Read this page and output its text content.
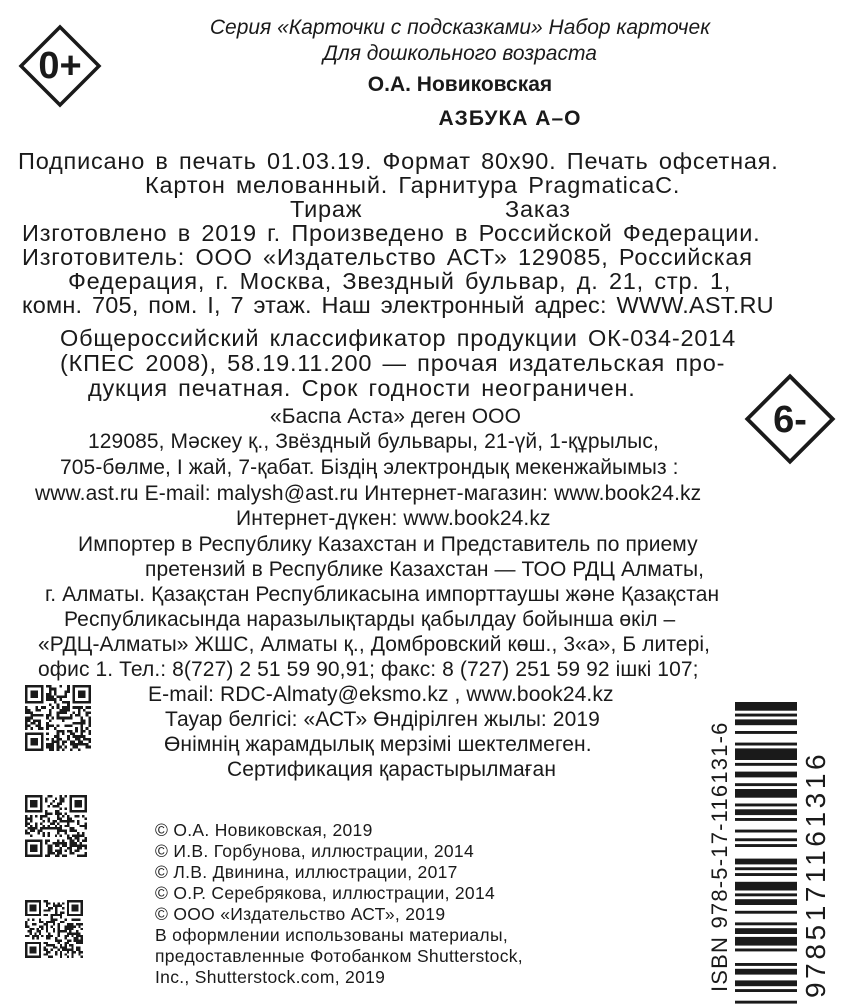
0+
Серия «Карточки с подсказками» Набор карточек
Для дошкольного возраста
О.А. Новиковская
АЗБУКА А–О
Подписано в печать 01.03.19. Формат 80х90. Печать офсетная.
Картон мелованный. Гарнитура PragmaticaC.
Тираж	Заказ
Изготовлено в 2019 г. Произведено в Российской Федерации.
Изготовитель: ООО «Издательство АСТ» 129085, Российская
Федерация, г. Москва, Звездный бульвар, д. 21, стр. 1,
комн. 705, пом. I, 7 этаж. Наш электронный адрес: WWW.AST.RU
Общероссийский классификатор продукции ОК-034-2014
(КПЕС 2008), 58.19.11.200 — прочая издательская про-
дукция печатная. Срок годности неограничен.
6-
«Баспа Аста» деген ООО
129085, Мәскеу қ., Звёздный бульвары, 21-үй, 1-құрылыс,
705-бөлме, I жай, 7-қабат. Біздің электрондық мекенжайымыз :
www.ast.ru E-mail: malysh@ast.ru Интернет-магазин: www.book24.kz
Интернет-дүкен: www.book24.kz
Импортер в Республику Казахстан и Представитель по приему
претензий в Республике Казахстан — ТОО РДЦ Алматы,
г. Алматы. Қазақстан Республикасына импорттаушы және Қазақстан
Республикасында наразылықтарды қабылдау бойынша өкіл –
«РДЦ-Алматы» ЖШС, Алматы қ., Домбровский көш., 3«а», Б литері,
офис 1. Тел.: 8(727) 2 51 59 90,91; факс: 8 (727) 251 59 92 ішкі 107;
E-mail: RDC-Almaty@eksmo.kz , www.book24.kz
Тауар белгісі: «АСТ» Өндірілген жылы: 2019
Өнімнің жарамдылық мерзімі шектелмеген.
Сертификация қарастырылмаған
© О.А. Новиковская, 2019
© И.В. Горбунова, иллюстрации, 2014
© Л.В. Двинина, иллюстрации, 2017
© О.Р. Серебрякова, иллюстрации, 2014
© ООО «Издательство АСТ», 2019
В оформлении использованы материалы,
предоставленные Фотобанком Shutterstock,
Inc., Shutterstock.com, 2019	ISBN 978-5-17-116131-6 9785171161316
